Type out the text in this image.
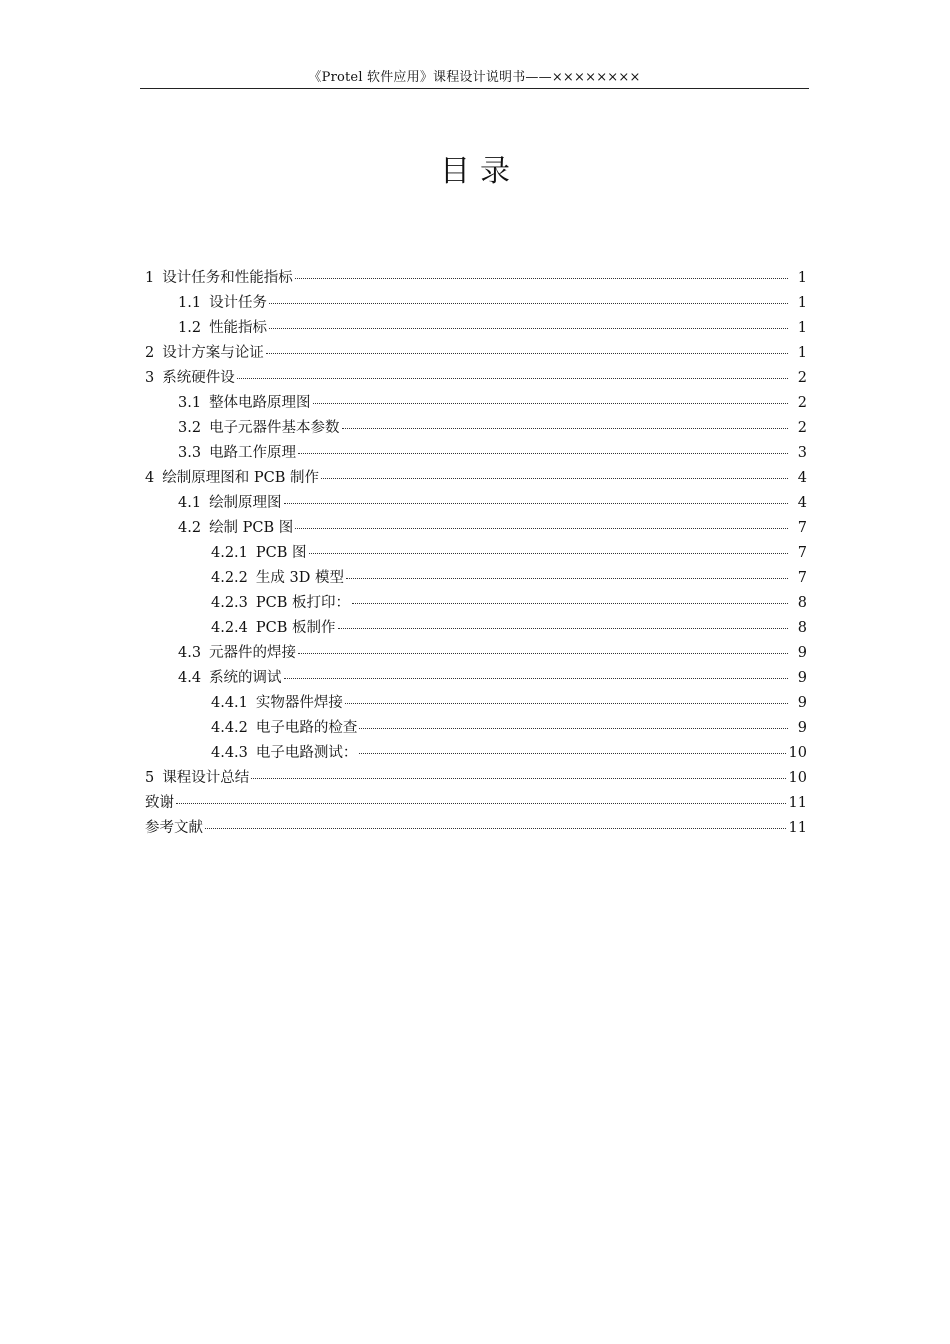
《Protel 软件应用》课程设计说明书——××××××××
目录
1 设计任务和性能指标	1
1.1 设计任务	1
1.2 性能指标	1
2 设计方案与论证	1
3 系统硬件设	2
3.1 整体电路原理图	2
3.2 电子元器件基本参数	2
3.3 电路工作原理	3
4 绘制原理图和 PCB 制作	4
4.1 绘制原理图	4
4.2 绘制 PCB 图	7
4.2.1 PCB 图	7
4.2.2 生成 3D 模型	7
4.2.3 PCB 板打印：	8
4.2.4 PCB 板制作	8
4.3 元器件的焊接	9
4.4 系统的调试	9
4.4.1 实物器件焊接	9
4.4.2 电子电路的检查	9
4.4.3 电子电路测试：	10
5 课程设计总结	10
致谢	11
参考文献	11
